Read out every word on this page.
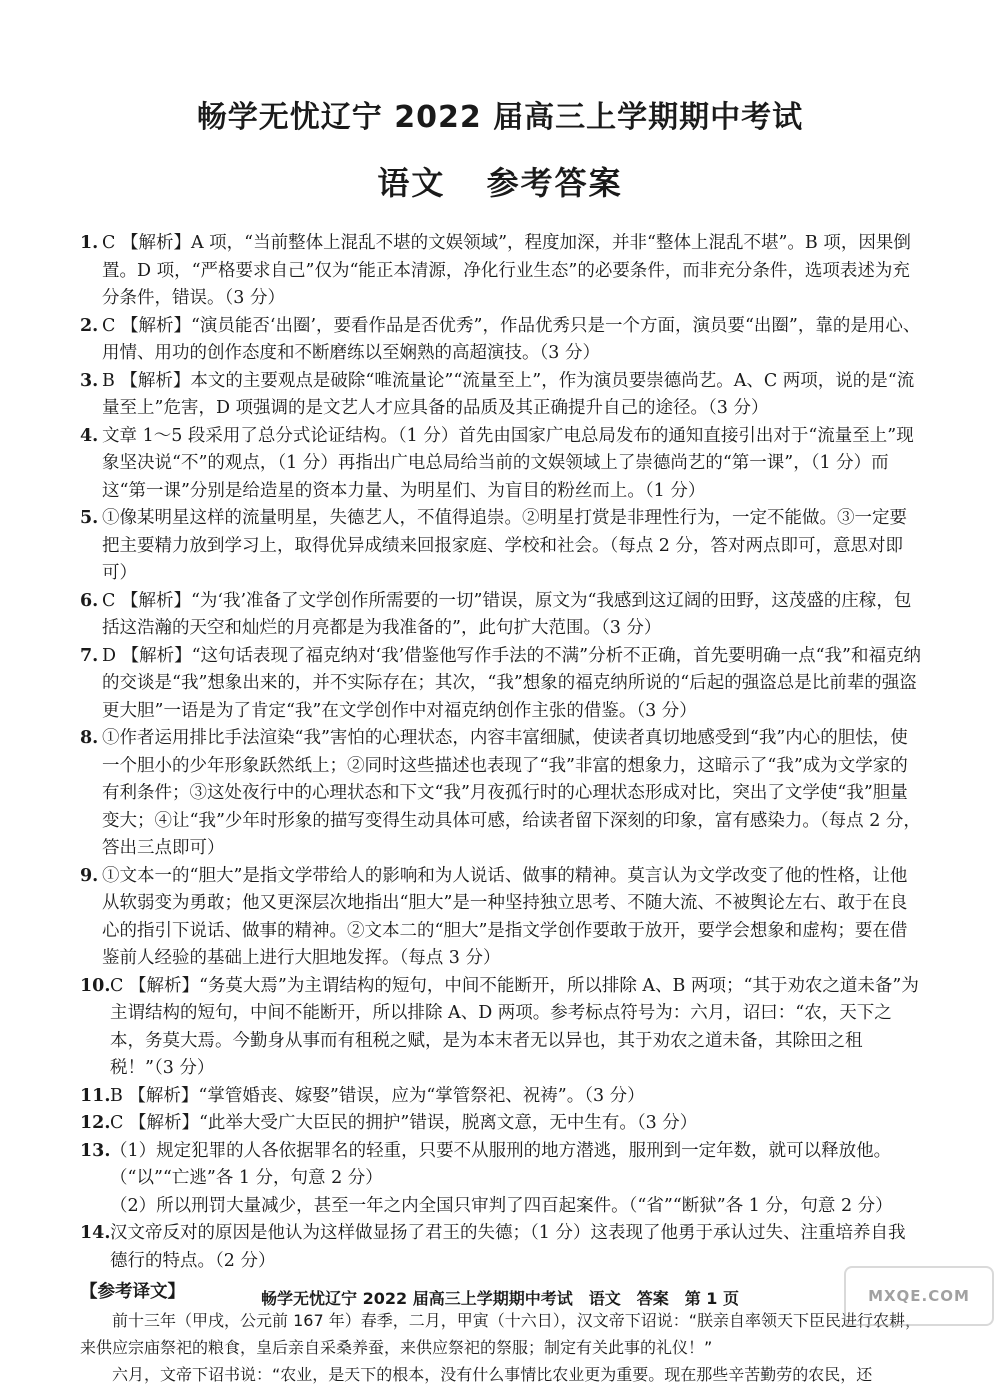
畅学无忧辽宁 2022 届高三上学期期中考试
语文 参考答案

1. C 【解析】A 项，“当前整体上混乱不堪的文娱领域”，程度加深，并非“整体上混乱不堪”。B 项，因果倒置。D 项，“严格要求自己”仅为“能正本清源，净化行业生态”的必要条件，而非充分条件，选项表述为充分条件，错误。（3 分）

2. C 【解析】“演员能否‘出圈’，要看作品是否优秀”，作品优秀只是一个方面，演员要“出圈”，靠的是用心、用情、用功的创作态度和不断磨练以至娴熟的高超演技。（3 分）

3. B 【解析】本文的主要观点是破除“唯流量论”“流量至上”，作为演员要崇德尚艺。A、C 两项，说的是“流量至上”危害，D 项强调的是文艺人才应具备的品质及其正确提升自己的途径。（3 分）

4. 文章 1～5 段采用了总分式论证结构。（1 分）首先由国家广电总局发布的通知直接引出对于“流量至上”现象坚决说“不”的观点，（1 分）再指出广电总局给当前的文娱领域上了崇德尚艺的“第一课”，（1 分）而这“第一课”分别是给造星的资本力量、为明星们、为盲目的粉丝而上。（1 分）

5. ①像某明星这样的流量明星，失德艺人，不值得追崇。②明星打赏是非理性行为，一定不能做。③一定要把主要精力放到学习上，取得优异成绩来回报家庭、学校和社会。（每点 2 分，答对两点即可，意思对即可）

6. C 【解析】“为‘我’准备了文学创作所需要的一切”错误，原文为“我感到这辽阔的田野，这茂盛的庄稼，包括这浩瀚的天空和灿烂的月亮都是为我准备的”，此句扩大范围。（3 分）

7. D 【解析】“这句话表现了福克纳对‘我’借鉴他写作手法的不满”分析不正确，首先要明确一点“我”和福克纳的交谈是“我”想象出来的，并不实际存在；其次，“我”想象的福克纳所说的“后起的强盗总是比前辈的强盗更大胆”一语是为了肯定“我”在文学创作中对福克纳创作主张的借鉴。（3 分）

8. ①作者运用排比手法渲染“我”害怕的心理状态，内容丰富细腻，使读者真切地感受到“我”内心的胆怯，使一个胆小的少年形象跃然纸上；②同时这些描述也表现了“我”非富的想象力，这暗示了“我”成为文学家的有利条件；③这处夜行中的心理状态和下文“我”月夜孤行时的心理状态形成对比，突出了文学使“我”胆量变大；④让“我”少年时形象的描写变得生动具体可感，给读者留下深刻的印象，富有感染力。（每点 2 分，答出三点即可）

9. ①文本一的“胆大”是指文学带给人的影响和为人说话、做事的精神。莫言认为文学改变了他的性格，让他从软弱变为勇敢；他又更深层次地指出“胆大”是一种坚持独立思考、不随大流、不被舆论左右、敢于在良心的指引下说话、做事的精神。②文本二的“胆大”是指文学创作要敢于放开，要学会想象和虚构；要在借鉴前人经验的基础上进行大胆地发挥。（每点 3 分）

10. C 【解析】“务莫大焉”为主谓结构的短句，中间不能断开，所以排除 A、B 两项；“其于劝农之道未备”为主谓结构的短句，中间不能断开，所以排除 A、D 两项。参考标点符号为：六月，诏曰：“农，天下之本，务莫大焉。今勤身从事而有租税之赋，是为本末者无以异也，其于劝农之道未备，其除田之租税！”（3 分）

11. B 【解析】“掌管婚丧、嫁娶”错误，应为“掌管祭祀、祝祷”。（3 分）

12. C 【解析】“此举大受广大臣民的拥护”错误，脱离文意，无中生有。（3 分）

13. （1）规定犯罪的人各依据罪名的轻重，只要不从服刑的地方潜逃，服刑到一定年数，就可以释放他。（“以”“亡逃”各 1 分，句意 2 分）
（2）所以刑罚大量减少，甚至一年之内全国只审判了四百起案件。（“省”“断狱”各 1 分，句意 2 分）

14. 汉文帝反对的原因是他认为这样做显扬了君王的失德；（1 分）这表现了他勇于承认过失、注重培养自我德行的特点。（2 分）

【参考译文】

前十三年（甲戌，公元前 167 年）春季，二月，甲寅（十六日），汉文帝下诏说：“朕亲自率领天下臣民进行农耕，来供应宗庙祭祀的粮食，皇后亲自采桑养蚕，来供应祭祀的祭服；制定有关此事的礼仪！”

六月，文帝下诏书说：“农业，是天下的根本，没有什么事情比农业更为重要。现在那些辛苦勤劳的农民，还

畅学无忧辽宁 2022 届高三上学期期中考试　语文　答案　第 1 页	MXQE.COM
